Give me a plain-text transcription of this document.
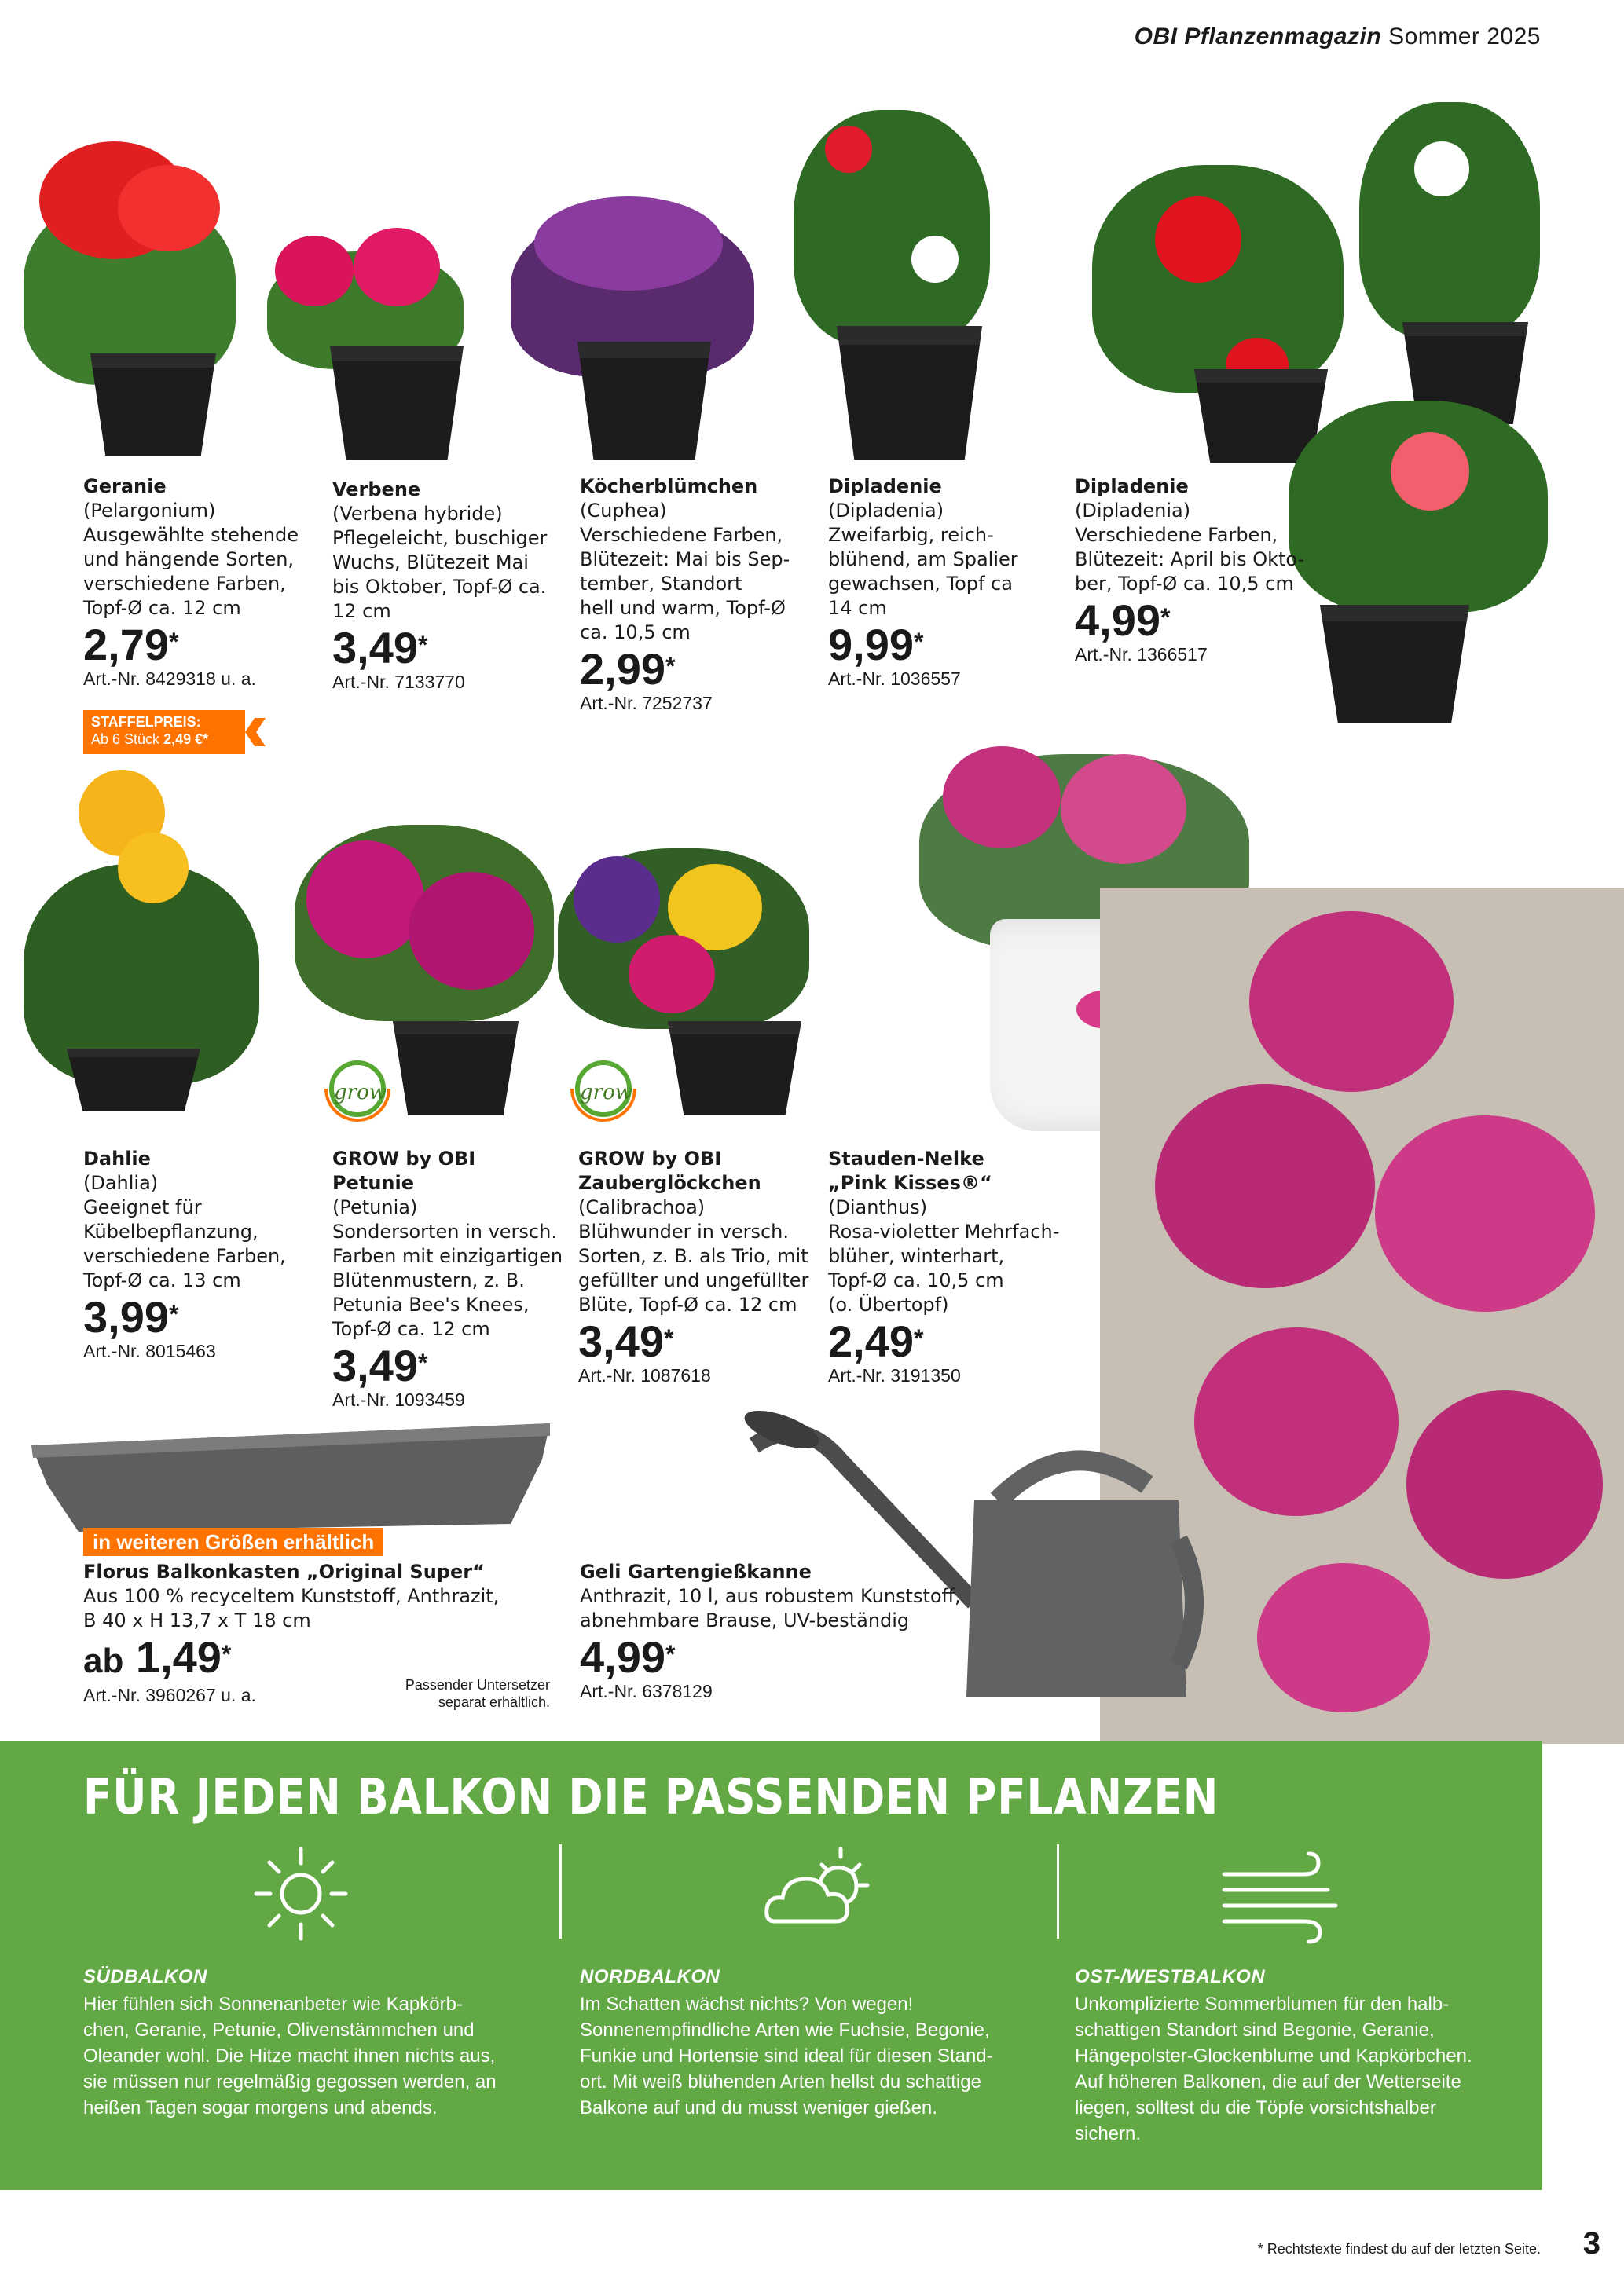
OBI Pflanzenmagazin Sommer 2025
Geranie
(Pelargonium)
Ausgewählte stehende
und hängende Sorten,
verschiedene Farben,
Topf-Ø ca. 12 cm
2,79*
Art.-Nr. 8429318 u. a.
STAFFELPREIS:
Ab 6 Stück 2,49 €*
Verbene
(Verbena hybride)
Pflegeleicht, buschiger
Wuchs, Blütezeit Mai
bis Oktober, Topf-Ø ca.
12 cm
3,49*
Art.-Nr. 7133770
Köcherblümchen
(Cuphea)
Verschiedene Farben,
Blütezeit: Mai bis Sep-
tember, Standort
hell und warm, Topf-Ø
ca. 10,5 cm
2,99*
Art.-Nr. 7252737
Dipladenie
(Dipladenia)
Zweifarbig, reich-
blühend, am Spalier
gewachsen, Topf ca
14 cm
9,99*
Art.-Nr. 1036557
Dipladenie
(Dipladenia)
Verschiedene Farben,
Blütezeit: April bis Okto-
ber, Topf-Ø ca. 10,5 cm
4,99*
Art.-Nr. 1366517
grow	grow
Dahlie
(Dahlia)
Geeignet für
Kübelbepflanzung,
verschiedene Farben,
Topf-Ø ca. 13 cm
3,99*
Art.-Nr. 8015463
GROW by OBI
Petunie
(Petunia)
Sondersorten in versch.
Farben mit einzigartigen
Blütenmustern, z. B.
Petunia Bee's Knees,
Topf-Ø ca. 12 cm
3,49*
Art.-Nr. 1093459
GROW by OBI
Zauberglöckchen
(Calibrachoa)
Blühwunder in versch.
Sorten, z. B. als Trio, mit
gefüllter und ungefüllter
Blüte, Topf-Ø ca. 12 cm
3,49*
Art.-Nr. 1087618
Stauden-Nelke
„Pink Kisses®“
(Dianthus)
Rosa-violetter Mehrfach-
blüher, winterhart,
Topf-Ø ca. 10,5 cm
(o. Übertopf)
2,49*
Art.-Nr. 3191350
in weiteren Größen erhältlich
Florus Balkonkasten „Original Super“
Aus 100 % recyceltem Kunststoff, Anthrazit,
B 40 x H 13,7 x T 18 cm
ab 1,49*
Art.-Nr. 3960267 u. a.	Passender Untersetzer
separat erhältlich.
Geli Gartengießkanne
Anthrazit, 10 l, aus robustem Kunststoff,
abnehmbare Brause, UV-beständig
4,99*
Art.-Nr. 6378129
FÜR JEDEN BALKON DIE PASSENDEN PFLANZEN
SÜDBALKON
Hier fühlen sich Sonnenanbeter wie Kapkörb-
chen, Geranie, Petunie, Olivenstämmchen und
Oleander wohl. Die Hitze macht ihnen nichts aus,
sie müssen nur regelmäßig gegossen werden, an
heißen Tagen sogar morgens und abends.
NORDBALKON
Im Schatten wächst nichts? Von wegen!
Sonnenempfindliche Arten wie Fuchsie, Begonie,
Funkie und Hortensie sind ideal für diesen Stand-
ort. Mit weiß blühenden Arten hellst du schattige
Balkone auf und du musst weniger gießen.
OST-/WESTBALKON
Unkomplizierte Sommerblumen für den halb-
schattigen Standort sind Begonie, Geranie,
Hängepolster-Glockenblume und Kapkörbchen.
Auf höheren Balkonen, die auf der Wetterseite
liegen, solltest du die Töpfe vorsichtshalber
sichern.
* Rechtstexte findest du auf der letzten Seite. 3
